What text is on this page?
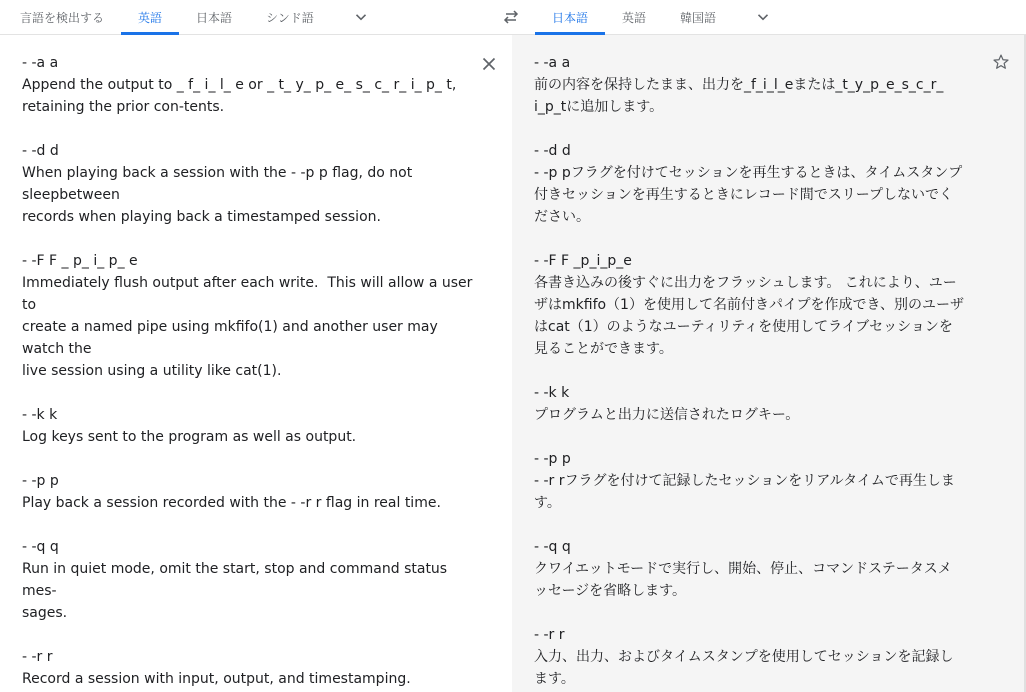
言語を検出する	英語	日本語	シンド語	日本語	英語	韓国語
- -a a
Append the output to _ f_ i_ l_ e or _ t_ y_ p_ e_ s_ c_ r_ i_ p_ t,
retaining the prior con-tents.

- -d d
When playing back a session with the - -p p flag, do not sleepbetween
records when playing back a timestamped session.

- -F F _ p_ i_ p_ e
Immediately flush output after each write.  This will allow a user to
create a named pipe using mkfifo(1) and another user may watch the
live session using a utility like cat(1).

- -k k
Log keys sent to the program as well as output.

- -p p
Play back a session recorded with the - -r r flag in real time.

- -q q
Run in quiet mode, omit the start, stop and command status mes-
sages.

- -r r
Record a session with input, output, and timestamping.
- -a a
前の内容を保持したまま、出力を_f_i_l_eまたは_t_y_p_e_s_c_r_
i_p_tに追加します。

- -d d
- -p pフラグを付けてセッションを再生するときは、タイムスタンプ
付きセッションを再生するときにレコード間でスリープしないでく
ださい。

- -F F _p_i_p_e
各書き込みの後すぐに出力をフラッシュします。 これにより、ユー
ザはmkfifo（1）を使用して名前付きパイプを作成でき、別のユーザ
はcat（1）のようなユーティリティを使用してライブセッションを
見ることができます。

- -k k
プログラムと出力に送信されたログキー。

- -p p
- -r rフラグを付けて記録したセッションをリアルタイムで再生しま
す。

- -q q
クワイエットモードで実行し、開始、停止、コマンドステータスメ
ッセージを省略します。

- -r r
入力、出力、およびタイムスタンプを使用してセッションを記録し
ます。
